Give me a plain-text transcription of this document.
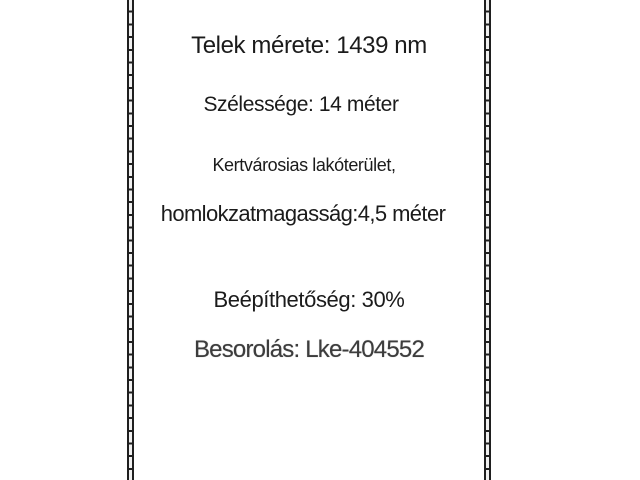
Telek mérete: 1439 nm
Szélessége: 14 méter
Kertvárosias lakóterület,
homlokzatmagasság:4,5 méter
Beépíthetőség: 30%
Besorolás: Lke-404552
